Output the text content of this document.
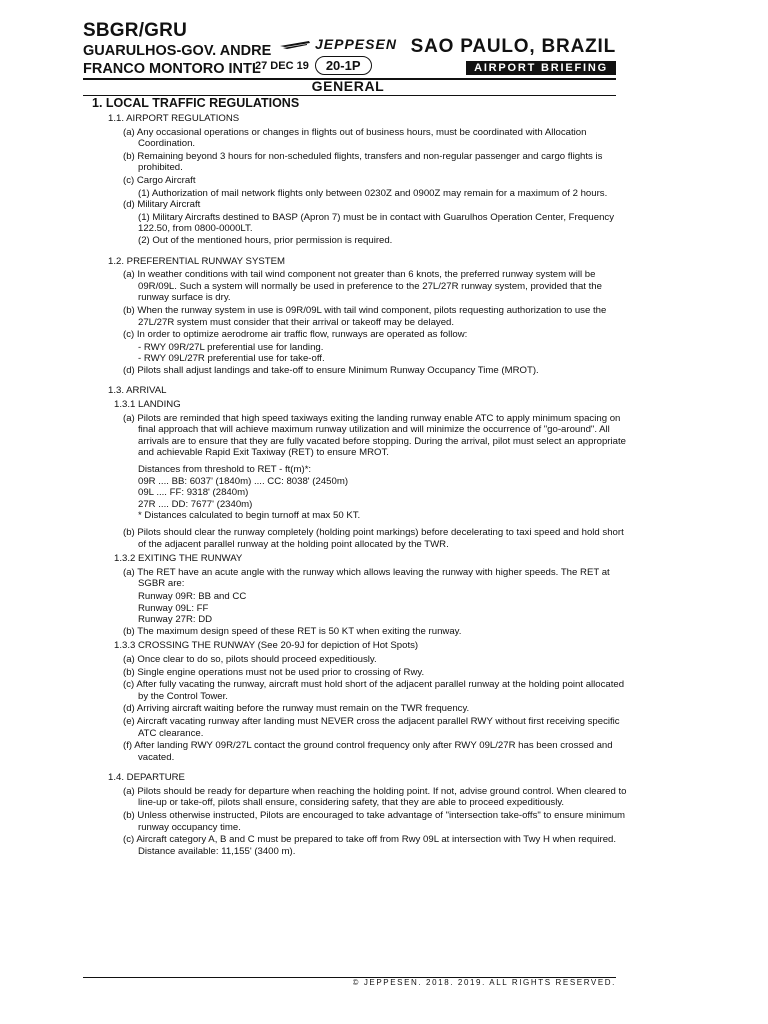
SBGR/GRU
GUARULHOS-GOV. ANDRE
FRANCO MONTORO INTL
JEPPESEN
27 DEC 19	20-1P
SAO PAULO, BRAZIL
AIRPORT BRIEFING
GENERAL
1. LOCAL TRAFFIC REGULATIONS
1.1. AIRPORT REGULATIONS
(a) Any occasional operations or changes in flights out of business hours, must be coordinated with Allocation Coordination.
(b) Remaining beyond 3 hours for non-scheduled flights, transfers and non-regular passenger and cargo flights is prohibited.
(c) Cargo Aircraft
(1) Authorization of mail network flights only between 0230Z and 0900Z may remain for a maximum of 2 hours.
(d) Military Aircraft
(1) Military Aircrafts destined to BASP (Apron 7) must be in contact with Guarulhos Operation Center, Frequency 122.50, from 0800-0000LT.
(2) Out of the mentioned hours, prior permission is required.
1.2. PREFERENTIAL RUNWAY SYSTEM
(a) In weather conditions with tail wind component not greater than 6 knots, the preferred runway system will be 09R/09L. Such a system will normally be used in preference to the 27L/27R runway system, provided that the runway surface is dry.
(b) When the runway system in use is 09R/09L with tail wind component, pilots requesting authorization to use the 27L/27R system must consider that their arrival or takeoff may be delayed.
(c) In order to optimize aerodrome air traffic flow, runways are operated as follow:
- RWY 09R/27L preferential use for landing.
- RWY 09L/27R preferential use for take-off.
(d) Pilots shall adjust landings and take-off to ensure Minimum Runway Occupancy Time (MROT).
1.3. ARRIVAL
1.3.1 LANDING
(a) Pilots are reminded that high speed taxiways exiting the landing runway enable ATC to apply minimum spacing on final approach that will achieve maximum runway utilization and will minimize the occurrence of "go-around". All arrivals are to ensure that they are fully vacated before stopping. During the arrival, pilot must select an appropriate and achievable Rapid Exit Taxiway (RET) to ensure MROT.
Distances from threshold to RET - ft(m)*:
09R .... BB: 6037' (1840m) .... CC: 8038' (2450m)
09L .... FF: 9318' (2840m)
27R .... DD: 7677' (2340m)
* Distances calculated to begin turnoff at max 50 KT.
(b) Pilots should clear the runway completely (holding point markings) before decelerating to taxi speed and hold short of the adjacent parallel runway at the holding point allocated by the TWR.
1.3.2 EXITING THE RUNWAY
(a) The RET have an acute angle with the runway which allows leaving the runway with higher speeds. The RET at SGBR are:
Runway 09R: BB and CC
Runway 09L: FF
Runway 27R: DD
(b) The maximum design speed of these RET is 50 KT when exiting the runway.
1.3.3 CROSSING THE RUNWAY (See 20-9J for depiction of Hot Spots)
(a) Once clear to do so, pilots should proceed expeditiously.
(b) Single engine operations must not be used prior to crossing of Rwy.
(c) After fully vacating the runway, aircraft must hold short of the adjacent parallel runway at the holding point allocated by the Control Tower.
(d) Arriving aircraft waiting before the runway must remain on the TWR frequency.
(e) Aircraft vacating runway after landing must NEVER cross the adjacent parallel RWY without first receiving specific ATC clearance.
(f) After landing RWY 09R/27L contact the ground control frequency only after RWY 09L/27R has been crossed and vacated.
1.4. DEPARTURE
(a) Pilots should be ready for departure when reaching the holding point. If not, advise ground control. When cleared to line-up or take-off, pilots shall ensure, considering safety, that they are able to proceed expeditiously.
(b) Unless otherwise instructed, Pilots are encouraged to take advantage of "intersection take-offs" to ensure minimum runway occupancy time.
(c) Aircraft category A, B and C must be prepared to take off from Rwy 09L at intersection with Twy H when required. Distance available: 11,155' (3400 m).
© JEPPESEN, 2018, 2019. ALL RIGHTS RESERVED.
